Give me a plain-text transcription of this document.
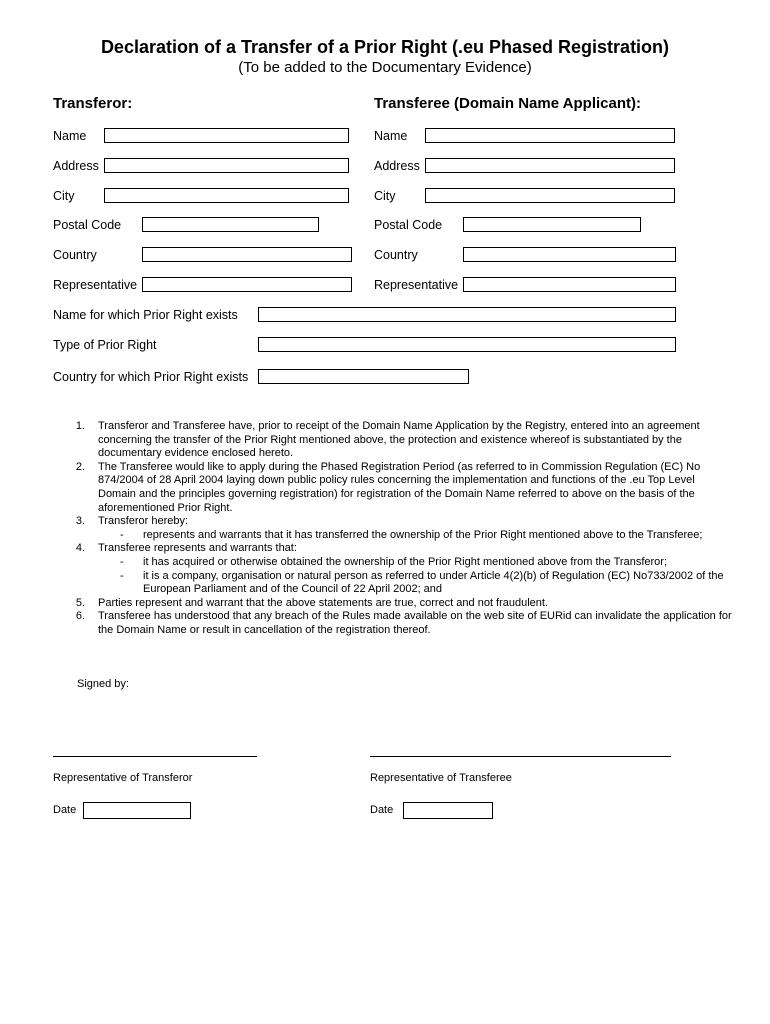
Declaration of a Transfer of a Prior Right (.eu Phased Registration)
(To be added to the Documentary Evidence)
Transferor:	Transferee (Domain Name Applicant):
Name
Address
City
Postal Code
Country
Representative
Name
Address
City
Postal Code
Country
Representative
Name for which Prior Right exists
Type of Prior Right
Country for which Prior Right exists
1. Transferor and Transferee have, prior to receipt of the Domain Name Application by the Registry, entered into an agreement concerning the transfer of the Prior Right mentioned above, the protection and existence whereof is substantiated by the documentary evidence enclosed hereto.
2. The Transferee would like to apply during the Phased Registration Period (as referred to in Commission Regulation (EC) No 874/2004 of 28 April 2004 laying down public policy rules concerning the implementation and functions of the .eu Top Level Domain and the principles governing registration) for registration of the Domain Name referred to above on the basis of the aforementioned Prior Right.
3. Transferor hereby:
- represents and warrants that it has transferred the ownership of the Prior Right mentioned above to the Transferee;
4. Transferee represents and warrants that:
- it has acquired or otherwise obtained the ownership of the Prior Right mentioned above from the Transferor;
- it is a company, organisation or natural person as referred to under Article 4(2)(b) of Regulation (EC) No733/2002 of the European Parliament and of the Council of 22 April 2002; and
5. Parties represent and warrant that the above statements are true, correct and not fraudulent.
6. Transferee has understood that any breach of the Rules made available on the web site of EURid can invalidate the application for the Domain Name or result in cancellation of the registration thereof.
Signed by:
Representative of Transferor	Representative of Transferee
Date	Date
